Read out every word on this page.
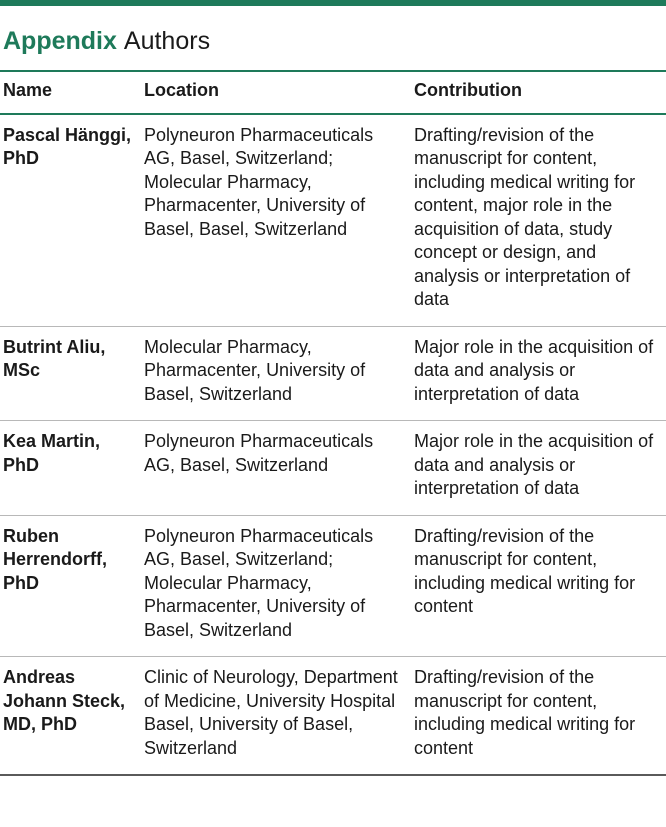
Appendix Authors
Name	Location	Contribution
Pascal Hänggi, PhD
Polyneuron Pharmaceuticals AG, Basel, Switzerland; Molecular Pharmacy, Pharmacenter, University of Basel, Basel, Switzerland
Drafting/revision of the manuscript for content, including medical writing for content, major role in the acquisition of data, study concept or design, and analysis or interpretation of data
Butrint Aliu, MSc
Molecular Pharmacy, Pharmacenter, University of Basel, Switzerland
Major role in the acquisition of data and analysis or interpretation of data
Kea Martin, PhD
Polyneuron Pharmaceuticals AG, Basel, Switzerland
Major role in the acquisition of data and analysis or interpretation of data
Ruben Herrendorff, PhD
Polyneuron Pharmaceuticals AG, Basel, Switzerland; Molecular Pharmacy, Pharmacenter, University of Basel, Switzerland
Drafting/revision of the manuscript for content, including medical writing for content
Andreas Johann Steck, MD, PhD
Clinic of Neurology, Department of Medicine, University Hospital Basel, University of Basel, Switzerland
Drafting/revision of the manuscript for content, including medical writing for content
